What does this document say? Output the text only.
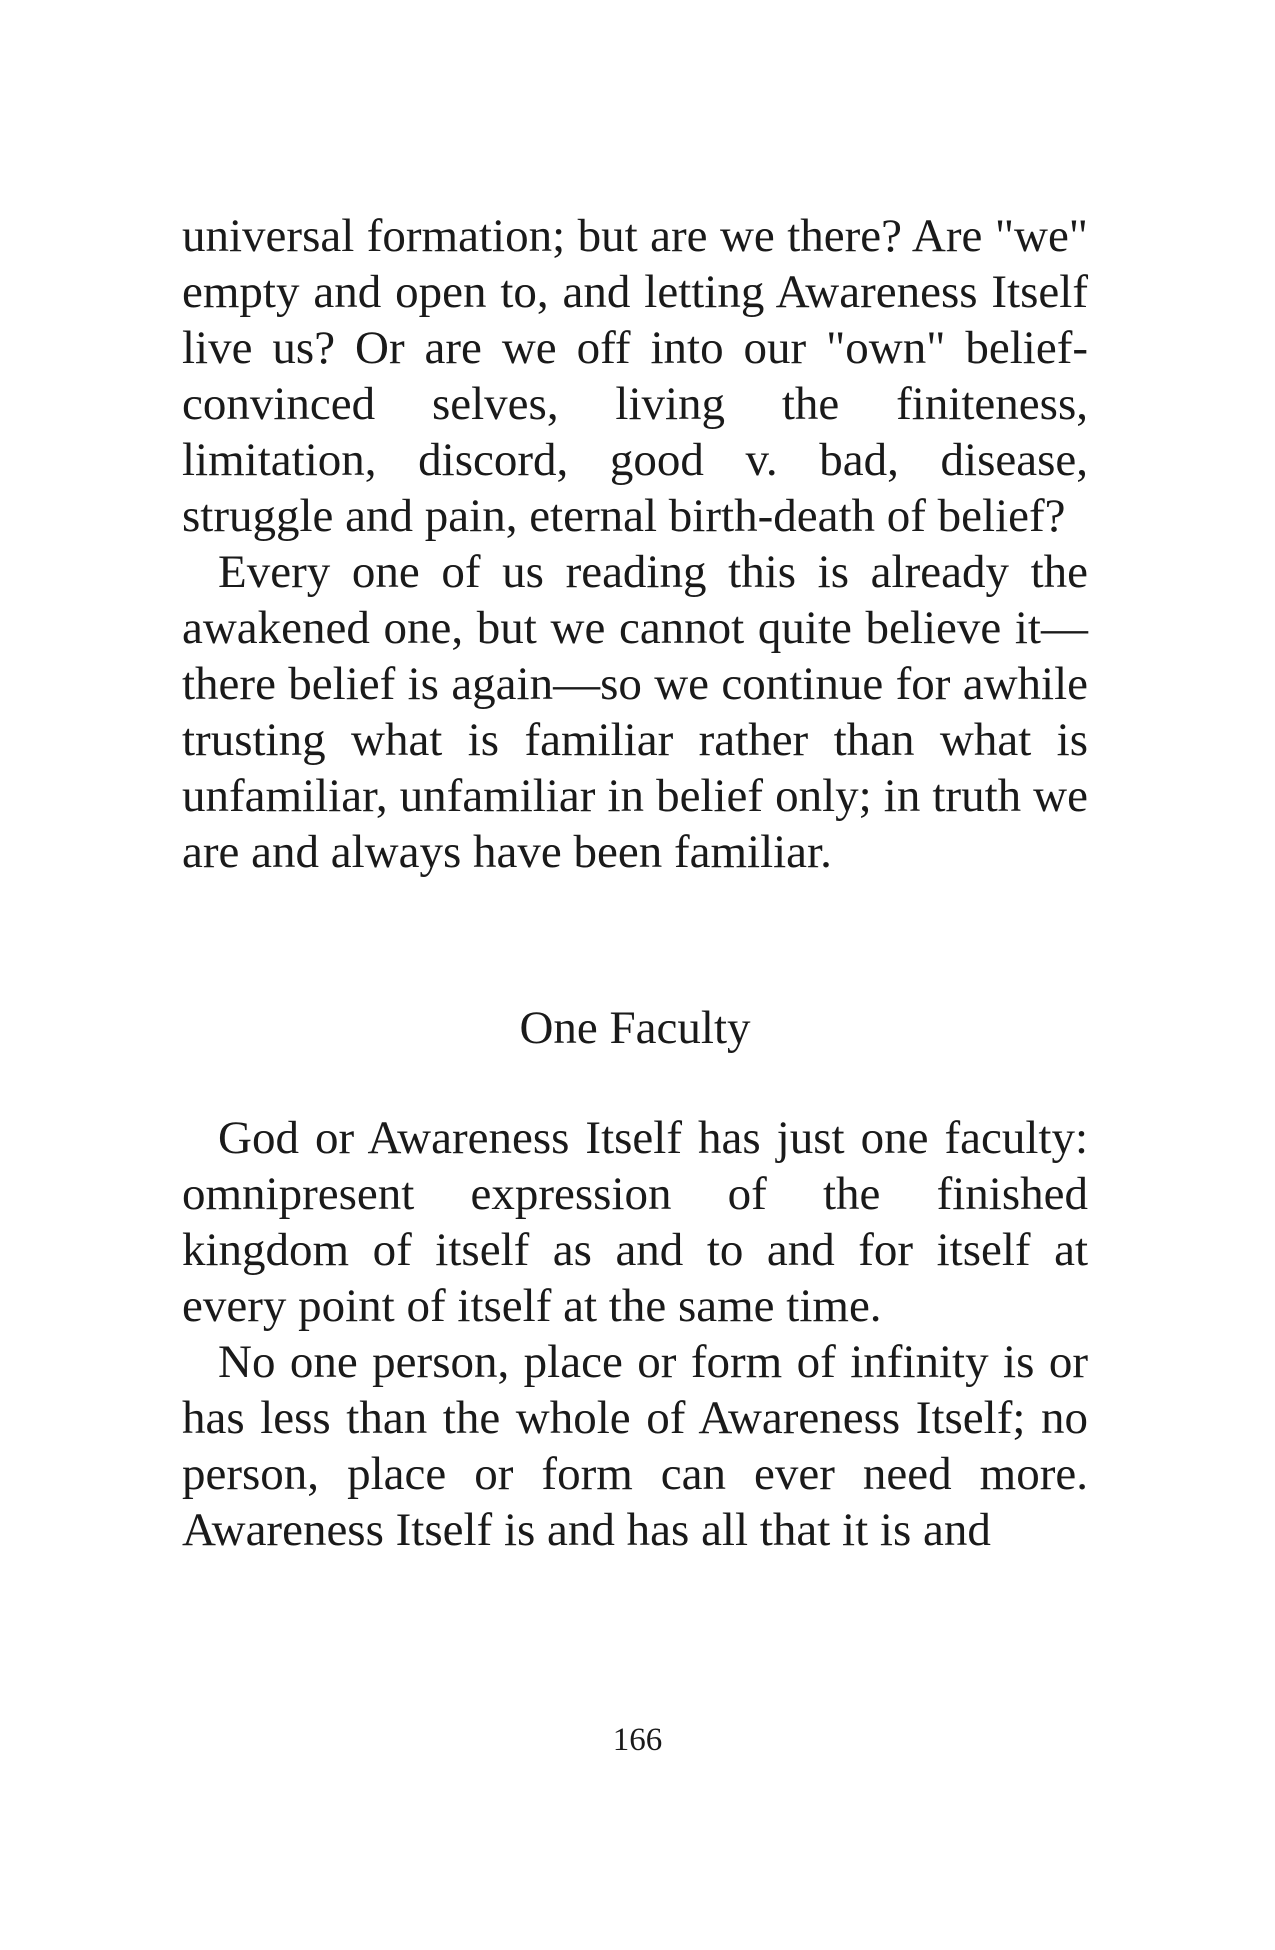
universal formation; but are we there? Are "we" empty and open to, and letting Awareness Itself live us? Or are we off into our "own" belief-convinced selves, living the finiteness, limitation, discord, good v. bad, disease, struggle and pain, eternal birth-death of belief?

Every one of us reading this is already the awakened one, but we cannot quite believe it—there belief is again—so we continue for awhile trusting what is familiar rather than what is unfamiliar, unfamiliar in belief only; in truth we are and always have been familiar.

One Faculty

God or Awareness Itself has just one faculty: omnipresent expression of the finished kingdom of itself as and to and for itself at every point of itself at the same time.

No one person, place or form of infinity is or has less than the whole of Awareness Itself; no person, place or form can ever need more. Awareness Itself is and has all that it is and

166
